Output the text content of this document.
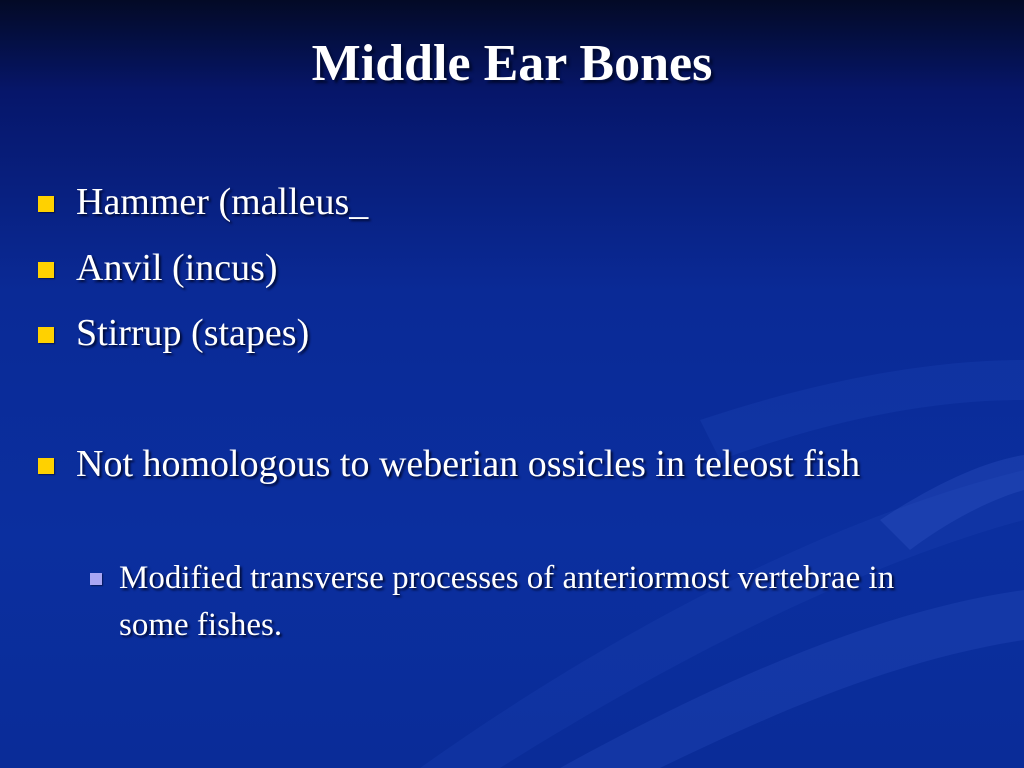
Middle Ear Bones
Hammer (malleus_
Anvil (incus)
Stirrup (stapes)
Not homologous to weberian ossicles in teleost fish
Modified transverse processes of anteriormost vertebrae in some fishes.
